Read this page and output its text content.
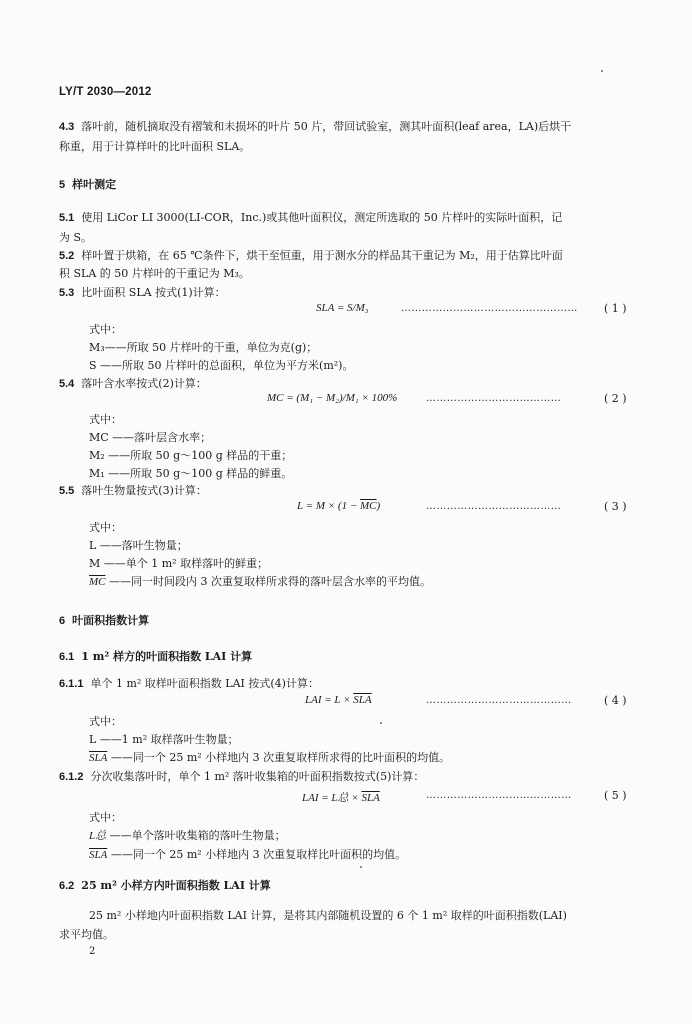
LY/T 2030—2012
4.3 落叶前，随机摘取没有褶皱和未损坏的叶片 50 片，带回试验室，测其叶面积(leaf area，LA)后烘干
称重，用于计算样叶的比叶面积 SLA。
5 样叶测定
5.1 使用 LiCor LI 3000(LI-COR，Inc.)或其他叶面积仪，测定所选取的 50 片样叶的实际叶面积，记
为 S。
5.2 样叶置于烘箱，在 65 ℃条件下，烘干至恒重，用于测水分的样品其干重记为 M₂，用于估算比叶面
积 SLA 的 50 片样叶的干重记为 M₃。
5.3 比叶面积 SLA 按式(1)计算：
SLA = S/M₃	…………………………………………… ( 1 )
式中：
M₃——所取 50 片样叶的干重，单位为克(g)；
S ——所取 50 片样叶的总面积，单位为平方米(m²)。
5.4 落叶含水率按式(2)计算：
MC = (M₁ − M₂)/M₁ × 100%	…………………………………	( 2 )
式中：
MC ——落叶层含水率；
M₂ ——所取 50 g～100 g 样品的干重；
M₁ ——所取 50 g～100 g 样品的鲜重。
5.5 落叶生物量按式(3)计算：
$L = M \times (1 - \overline{MC})$	…………………………………	( 3 )
式中：
L ——落叶生物量；
M ——单个 1 m² 取样落叶的鲜重；
$\overline{MC}$ ——同一时间段内 3 次重复取样所求得的落叶层含水率的平均值。
6 叶面积指数计算
6.1 1 m² 样方的叶面积指数 LAI 计算
6.1.1 单个 1 m² 取样叶面积指数 LAI 按式(4)计算：
LAI = $L \times \overline{SLA}$	……………………………………	( 4 )
式中：
L ——1 m² 取样落叶生物量；
$\overline{SLA}$ ——同一个 25 m² 小样地内 3 次重复取样所求得的比叶面积的均值。
6.1.2 分次收集落叶时，单个 1 m² 落叶收集箱的叶面积指数按式(5)计算：
LAI = L总 × $\overline{SLA}$	……………………………………	( 5 )
式中：
L总 ——单个落叶收集箱的落叶生物量；
$\overline{SLA}$ ——同一个 25 m² 小样地内 3 次重复取样比叶面积的均值。
6.2 25 m² 小样方内叶面积指数 LAI 计算
25 m² 小样地内叶面积指数 LAI 计算，是将其内部随机设置的 6 个 1 m² 取样的叶面积指数(LAI)
求平均值。
2
